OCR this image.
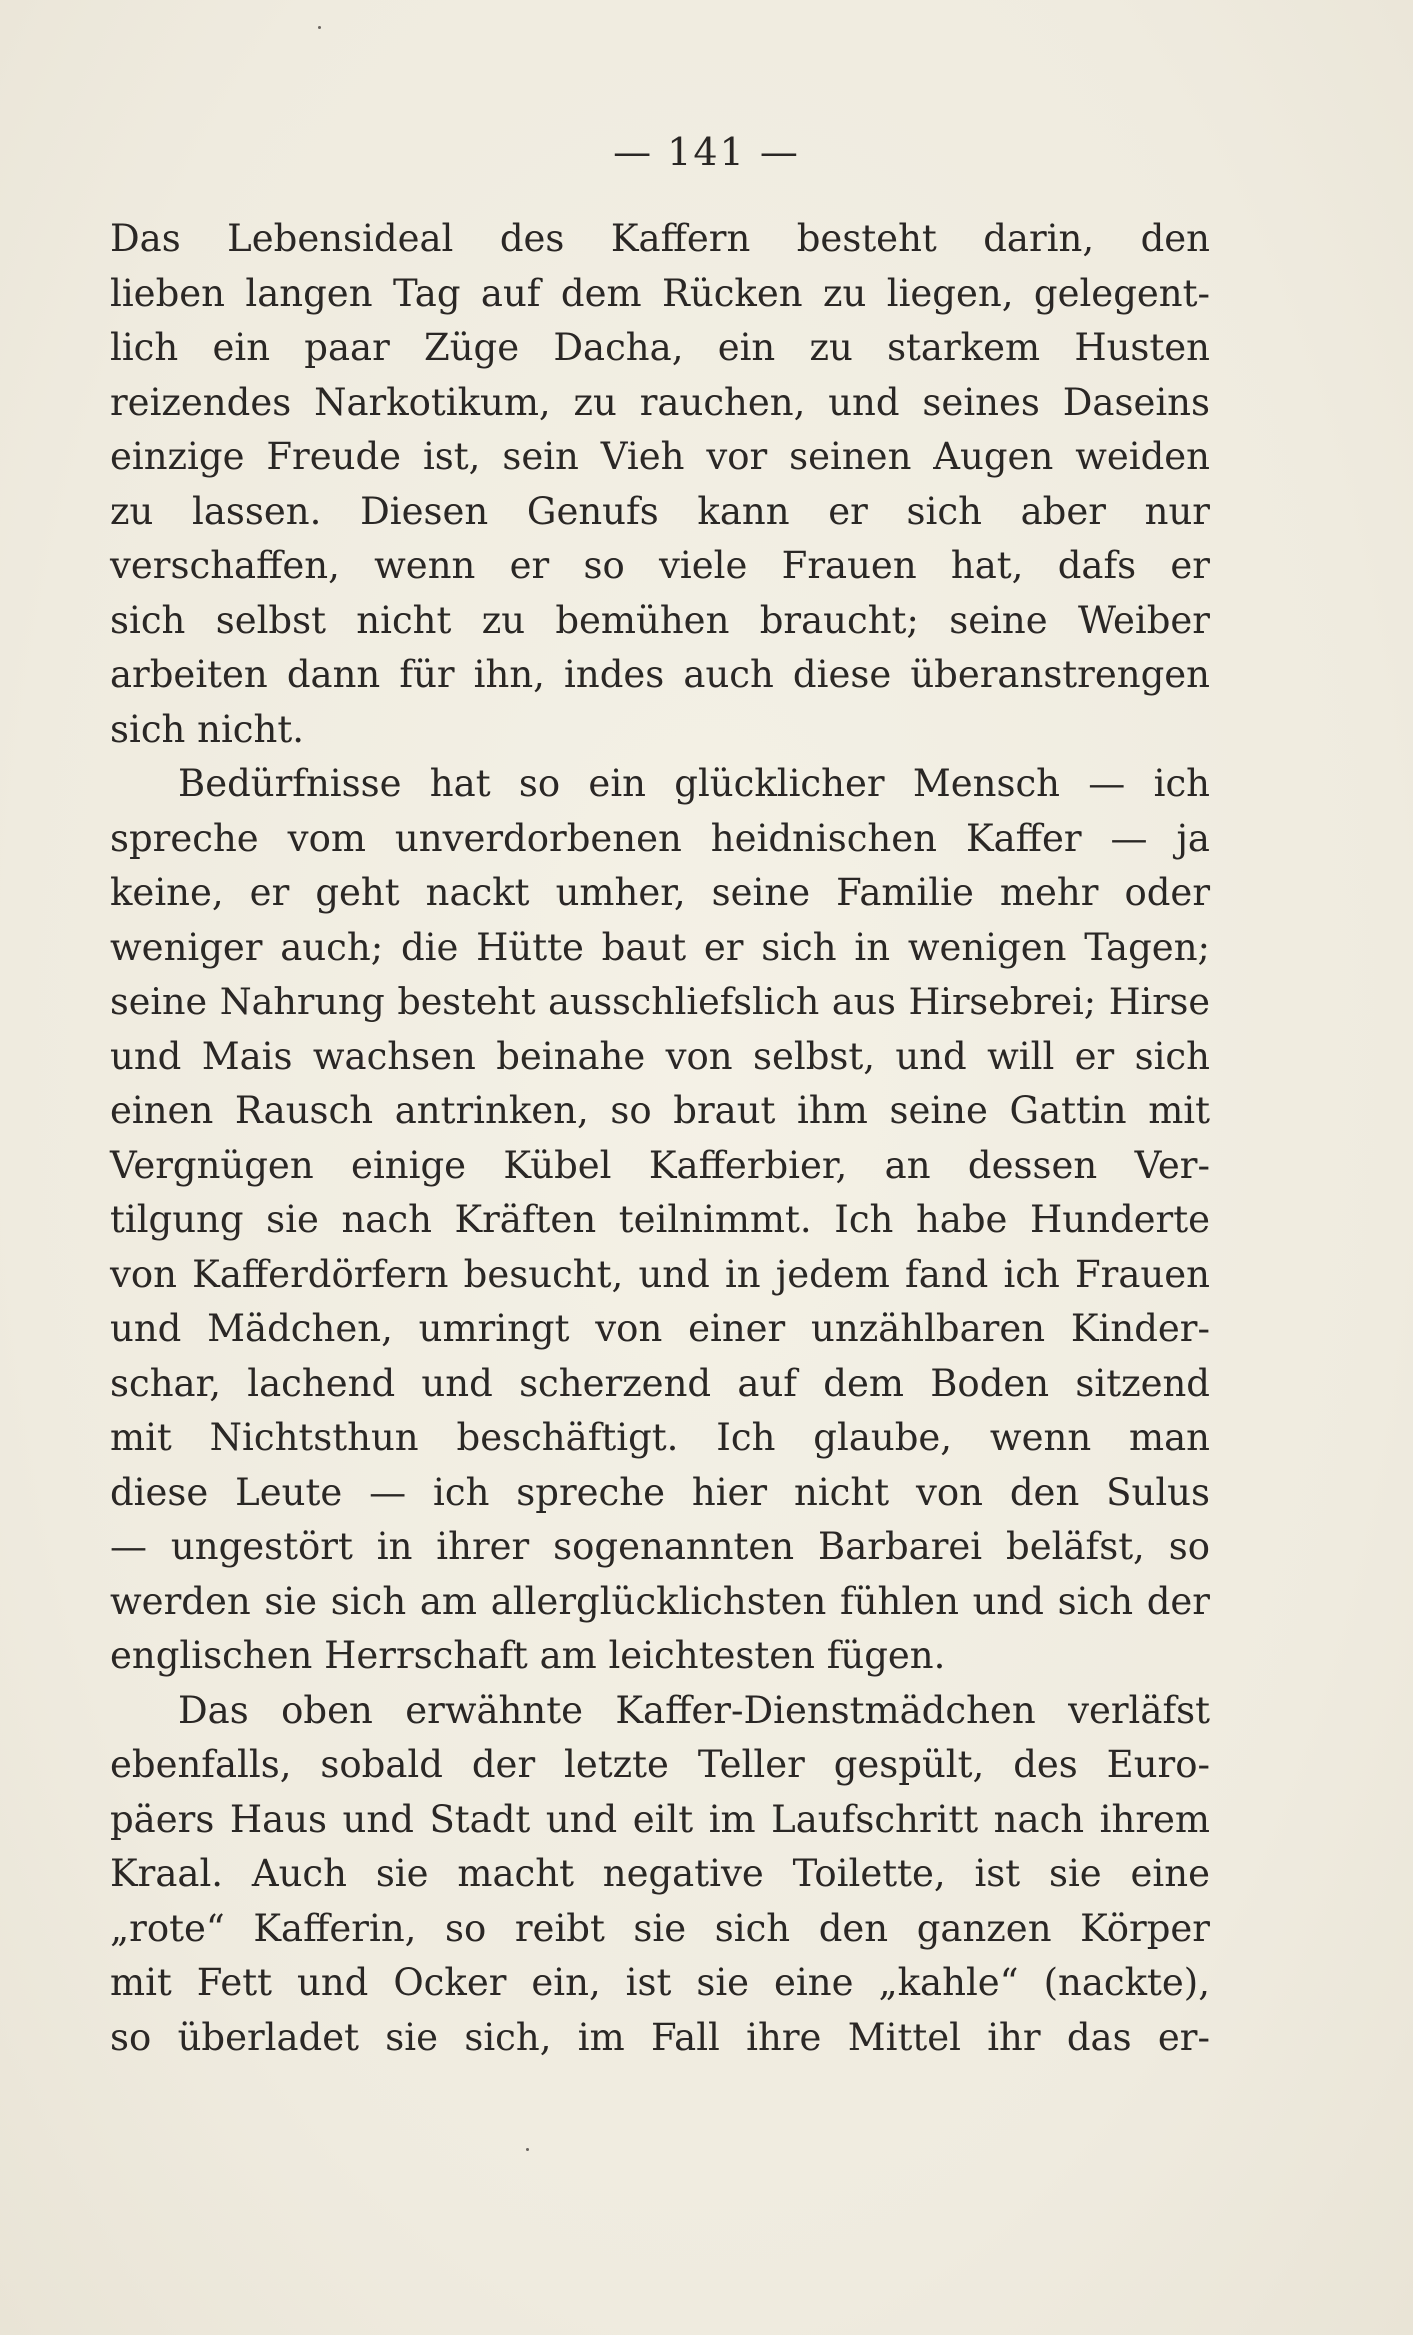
— 141 —
Das Lebensideal des Kaffern besteht darin, den
lieben langen Tag auf dem Rücken zu liegen, gelegent-
lich ein paar Züge Dacha, ein zu starkem Husten
reizendes Narkotikum, zu rauchen, und seines Daseins
einzige Freude ist, sein Vieh vor seinen Augen weiden
zu lassen. Diesen Genufs kann er sich aber nur
verschaffen, wenn er so viele Frauen hat, dafs er
sich selbst nicht zu bemühen braucht; seine Weiber
arbeiten dann für ihn, indes auch diese überanstrengen
sich nicht.
Bedürfnisse hat so ein glücklicher Mensch — ich
spreche vom unverdorbenen heidnischen Kaffer — ja
keine, er geht nackt umher, seine Familie mehr oder
weniger auch; die Hütte baut er sich in wenigen Tagen;
seine Nahrung besteht ausschliefslich aus Hirsebrei; Hirse
und Mais wachsen beinahe von selbst, und will er sich
einen Rausch antrinken, so braut ihm seine Gattin mit
Vergnügen einige Kübel Kafferbier, an dessen Ver-
tilgung sie nach Kräften teilnimmt. Ich habe Hunderte
von Kafferdörfern besucht, und in jedem fand ich Frauen
und Mädchen, umringt von einer unzählbaren Kinder-
schar, lachend und scherzend auf dem Boden sitzend
mit Nichtsthun beschäftigt. Ich glaube, wenn man
diese Leute — ich spreche hier nicht von den Sulus
— ungestört in ihrer sogenannten Barbarei beläfst, so
werden sie sich am allerglücklichsten fühlen und sich der
englischen Herrschaft am leichtesten fügen.
Das oben erwähnte Kaffer-Dienstmädchen verläfst
ebenfalls, sobald der letzte Teller gespült, des Euro-
päers Haus und Stadt und eilt im Laufschritt nach ihrem
Kraal. Auch sie macht negative Toilette, ist sie eine
„rote“ Kafferin, so reibt sie sich den ganzen Körper
mit Fett und Ocker ein, ist sie eine „kahle“ (nackte),
so überladet sie sich, im Fall ihre Mittel ihr das er-
